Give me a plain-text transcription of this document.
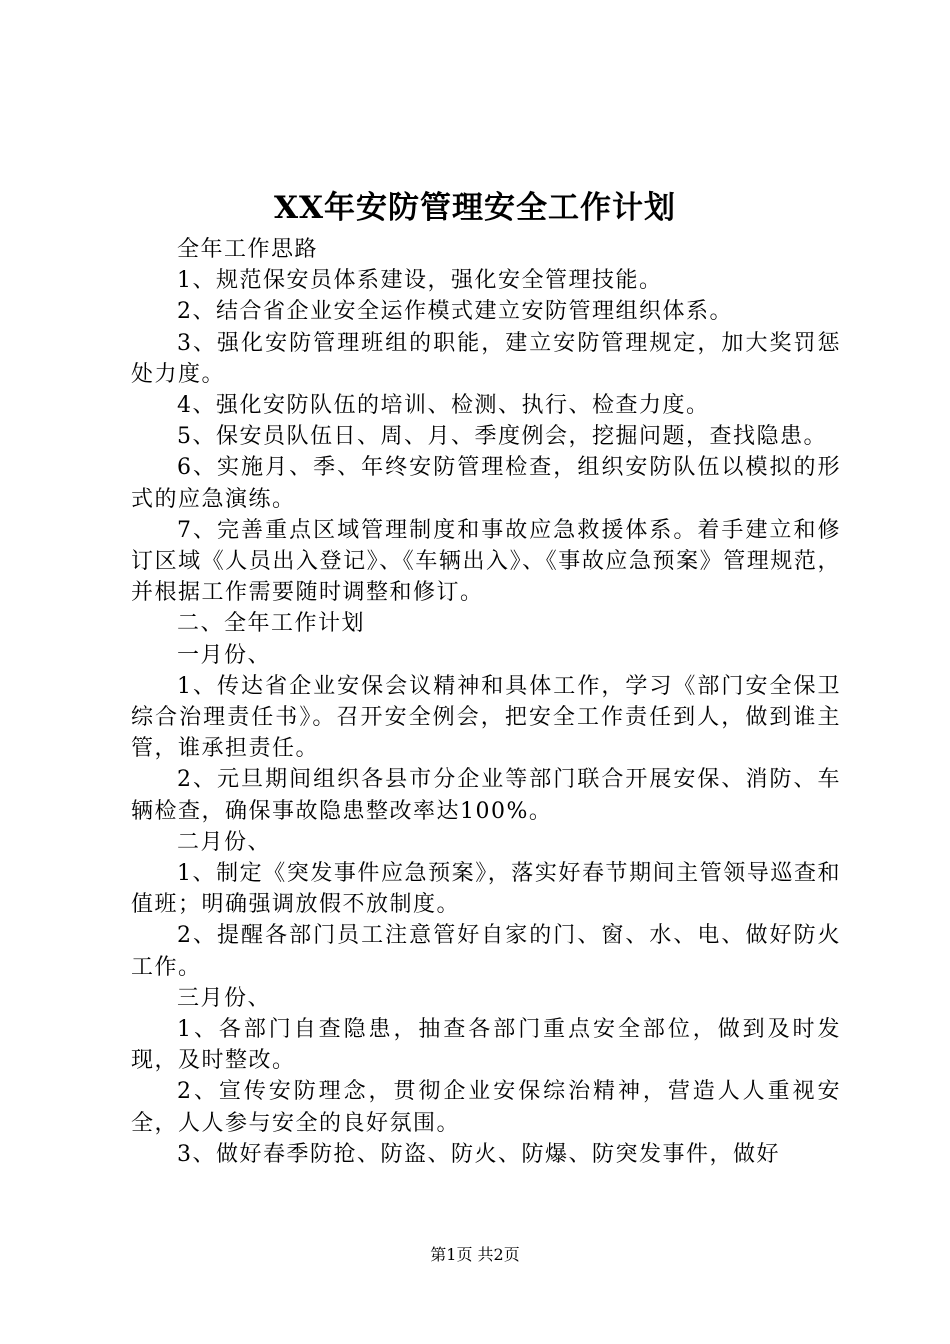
XX年安防管理安全工作计划

全年工作思路

1、规范保安员体系建设，强化安全管理技能。

2、结合省企业安全运作模式建立安防管理组织体系。

3、强化安防管理班组的职能，建立安防管理规定，加大奖罚惩处力度。

4、强化安防队伍的培训、检测、执行、检查力度。

5、保安员队伍日、周、月、季度例会，挖掘问题，查找隐患。

6、实施月、季、年终安防管理检查，组织安防队伍以模拟的形式的应急演练。

7、完善重点区域管理制度和事故应急救援体系。着手建立和修订区域《人员出入登记》、《车辆出入》、《事故应急预案》管理规范，并根据工作需要随时调整和修订。

二、全年工作计划

一月份、

1、传达省企业安保会议精神和具体工作，学习《部门安全保卫综合治理责任书》。召开安全例会，把安全工作责任到人，做到谁主管，谁承担责任。

2、元旦期间组织各县市分企业等部门联合开展安保、消防、车辆检查，确保事故隐患整改率达100%。

二月份、

1、制定《突发事件应急预案》，落实好春节期间主管领导巡查和值班；明确强调放假不放制度。

2、提醒各部门员工注意管好自家的门、窗、水、电、做好防火工作。

三月份、

1、各部门自查隐患，抽查各部门重点安全部位，做到及时发现，及时整改。

2、宣传安防理念，贯彻企业安保综治精神，营造人人重视安全，人人参与安全的良好氛围。

3、做好春季防抢、防盗、防火、防爆、防突发事件，做好

第1页 共2页
